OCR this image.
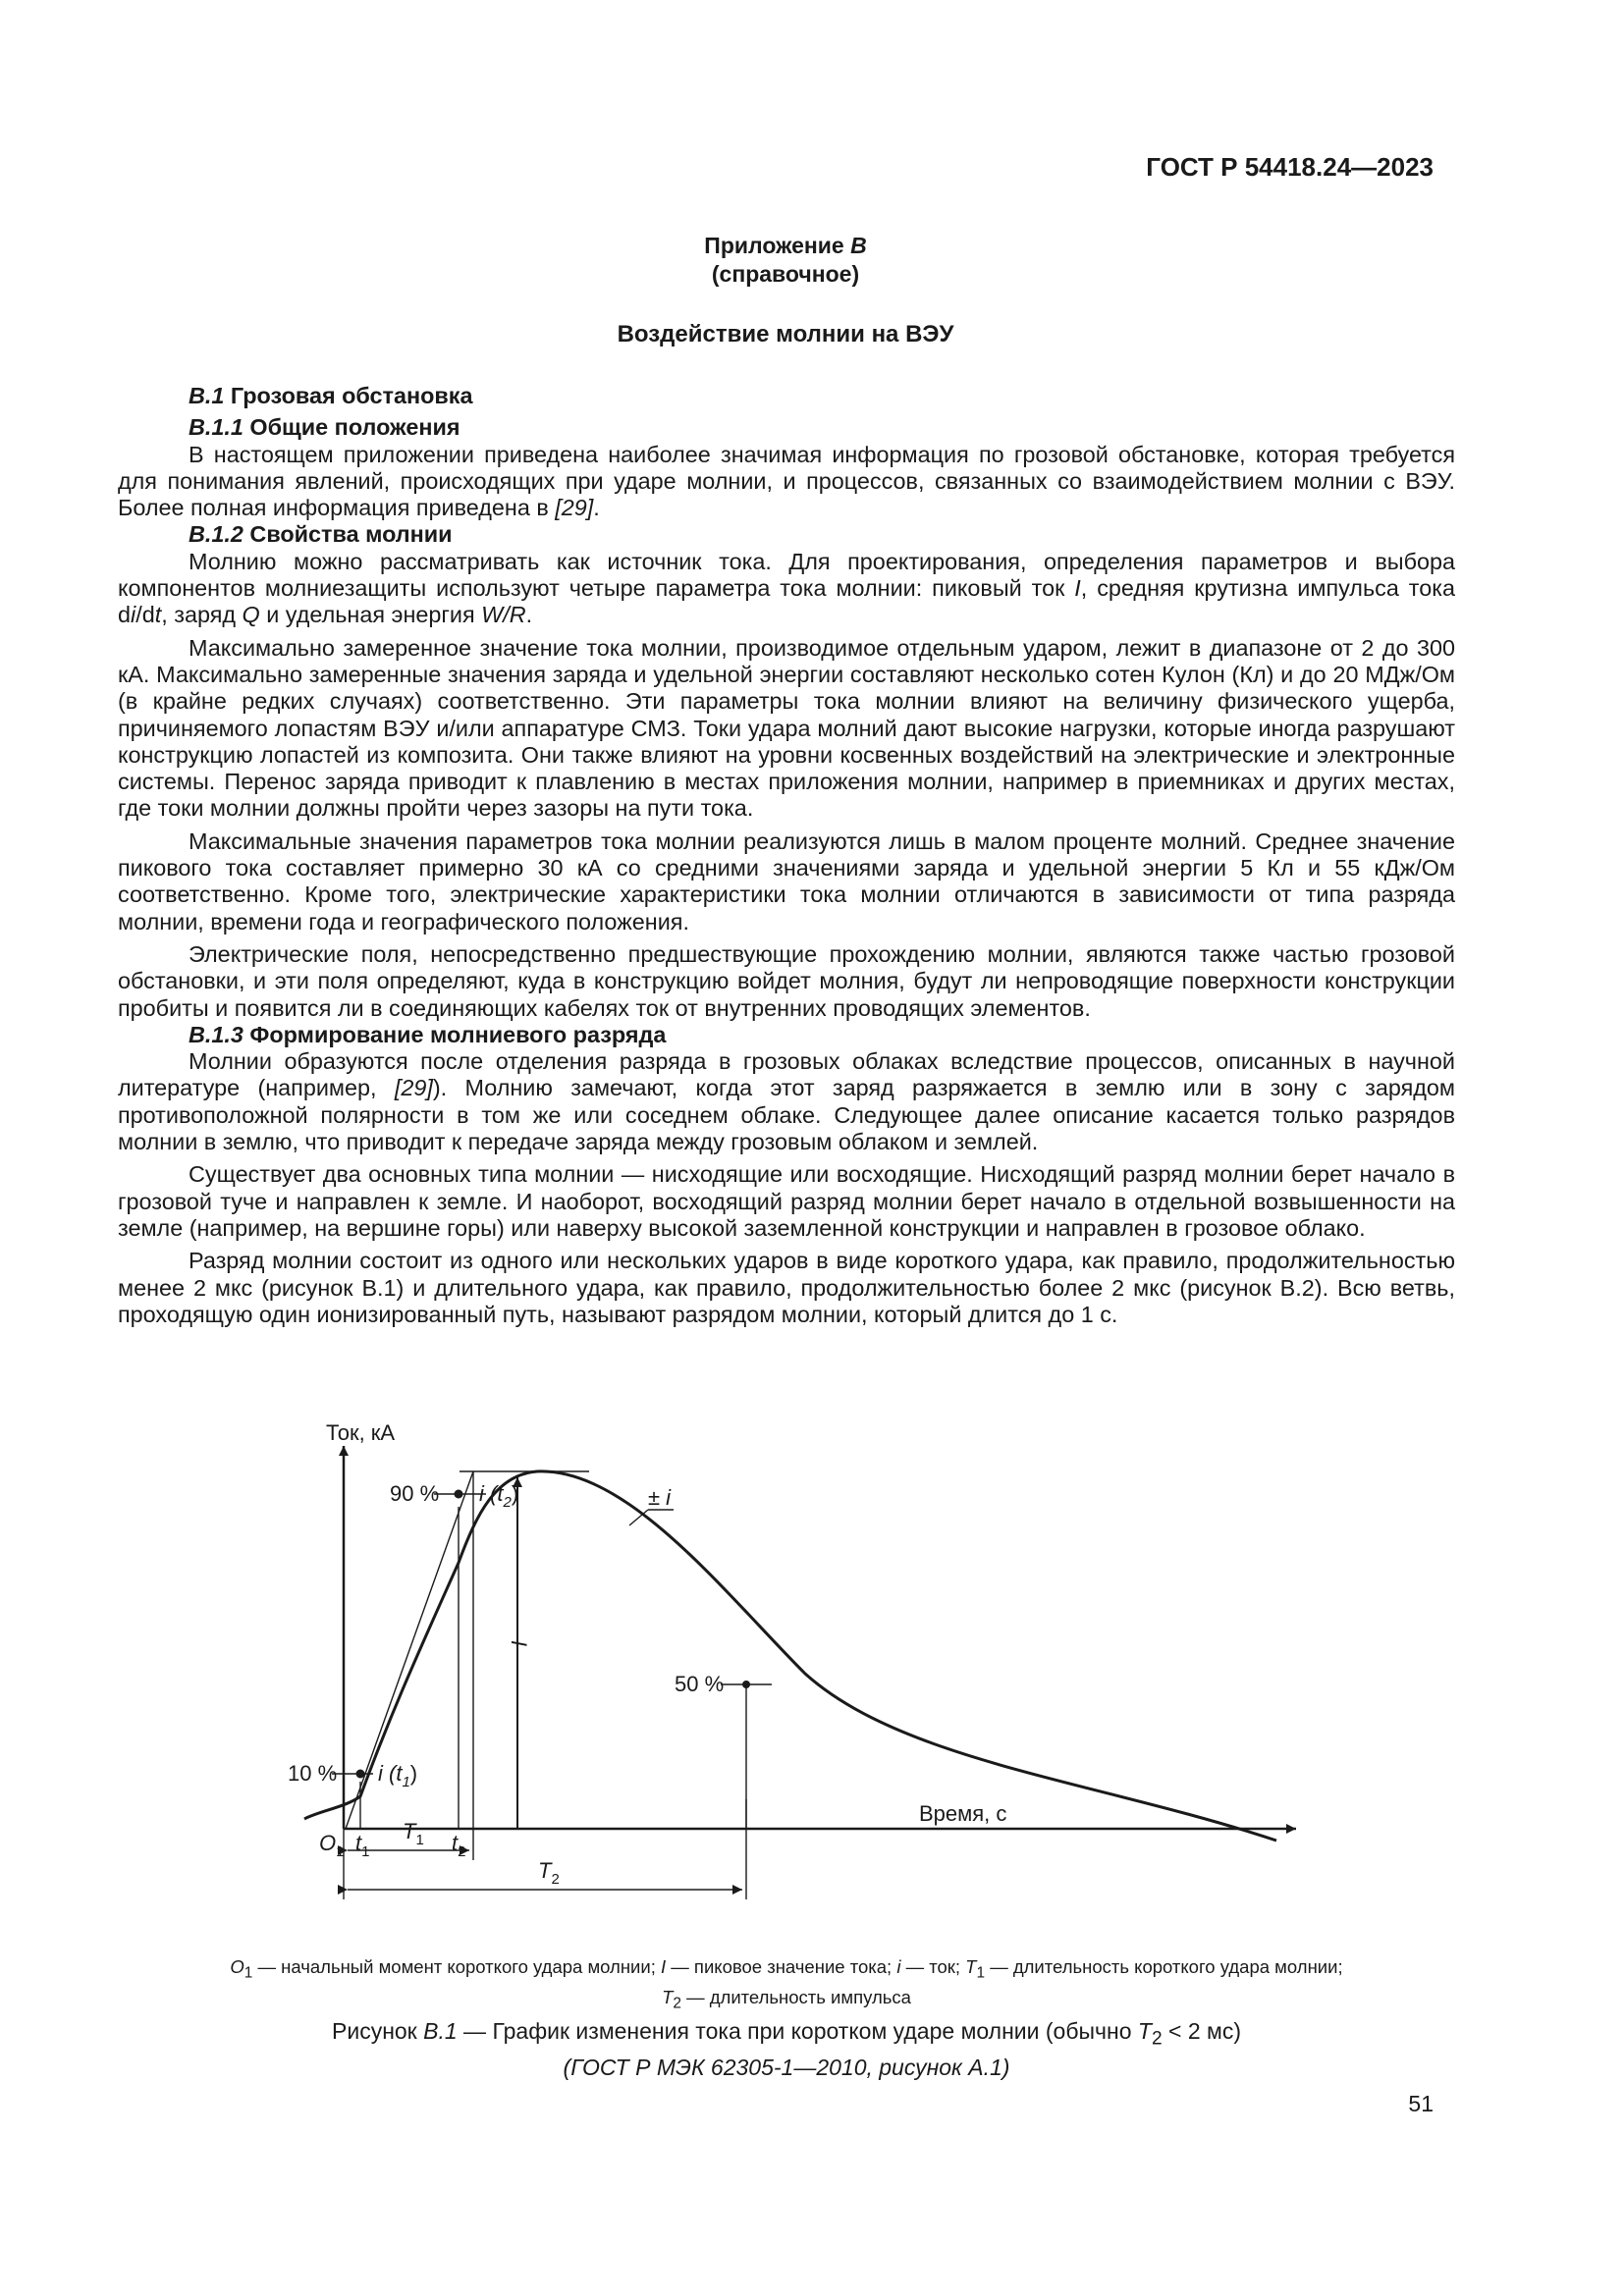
ГОСТ Р 54418.24—2023
Приложение B
(справочное)
Воздействие молнии на ВЭУ
B.1 Грозовая обстановка
B.1.1 Общие положения

В настоящем приложении приведена наиболее значимая информация по грозовой обстановке, которая требуется для понимания явлений, происходящих при ударе молнии, и процессов, связанных со взаимодействием молнии с ВЭУ. Более полная информация приведена в [29].

B.1.2 Свойства молнии

Молнию можно рассматривать как источник тока. Для проектирования, определения параметров и выбора компонентов молниезащиты используют четыре параметра тока молнии: пиковый ток I, средняя крутизна импульса тока di/dt, заряд Q и удельная энергия W/R.

Максимально замеренное значение тока молнии, производимое отдельным ударом, лежит в диапазоне от 2 до 300 кА. Максимально замеренные значения заряда и удельной энергии составляют несколько сотен Кулон (Кл) и до 20 МДж/Ом (в крайне редких случаях) соответственно. Эти параметры тока молнии влияют на величину физического ущерба, причиняемого лопастям ВЭУ и/или аппаратуре СМЗ. Токи удара молний дают высокие нагрузки, которые иногда разрушают конструкцию лопастей из композита. Они также влияют на уровни косвенных воздействий на электрические и электронные системы. Перенос заряда приводит к плавлению в местах приложения молнии, например в приемниках и других местах, где токи молнии должны пройти через зазоры на пути тока.

Максимальные значения параметров тока молнии реализуются лишь в малом проценте молний. Среднее значение пикового тока составляет примерно 30 кА со средними значениями заряда и удельной энергии 5 Кл и 55 кДж/Ом соответственно. Кроме того, электрические характеристики тока молнии отличаются в зависимости от типа разряда молнии, времени года и географического положения.

Электрические поля, непосредственно предшествующие прохождению молнии, являются также частью грозовой обстановки, и эти поля определяют, куда в конструкцию войдет молния, будут ли непроводящие поверхности конструкции пробиты и появится ли в соединяющих кабелях ток от внутренних проводящих элементов.

B.1.3 Формирование молниевого разряда

Молнии образуются после отделения разряда в грозовых облаках вследствие процессов, описанных в научной литературе (например, [29]). Молнию замечают, когда этот заряд разряжается в землю или в зону с зарядом противоположной полярности в том же или соседнем облаке. Следующее далее описание касается только разрядов молнии в землю, что приводит к передаче заряда между грозовым облаком и землей.

Существует два основных типа молнии — нисходящие или восходящие. Нисходящий разряд молнии берет начало в грозовой туче и направлен к земле. И наоборот, восходящий разряд молнии берет начало в отдельной возвышенности на земле (например, на вершине горы) или наверху высокой заземленной конструкции и направлен в грозовое облако.

Разряд молнии состоит из одного или нескольких ударов в виде короткого удара, как правило, продолжительностью менее 2 мкс (рисунок B.1) и длительного удара, как правило, продолжительностью более 2 мкс (рисунок B.2). Всю ветвь, проходящую один ионизированный путь, называют разрядом молнии, который длится до 1 с.

Ток, кА
Время, с
90 %
50 %
10 %
i $(t_2)$
i $(t_1)$
± i
I
$O_1$ $t_1$	$t_2$
$T_1$
$T_2$
$O_1$ — начальный момент короткого удара молнии; I — пиковое значение тока; i — ток; $T_1$ — длительность короткого удара молнии;
$T_2$ — длительность импульса
Рисунок B.1 — График изменения тока при коротком ударе молнии (обычно $T_2 < 2$ мс)
(ГОСТ Р МЭК 62305-1—2010, рисунок А.1)
51
